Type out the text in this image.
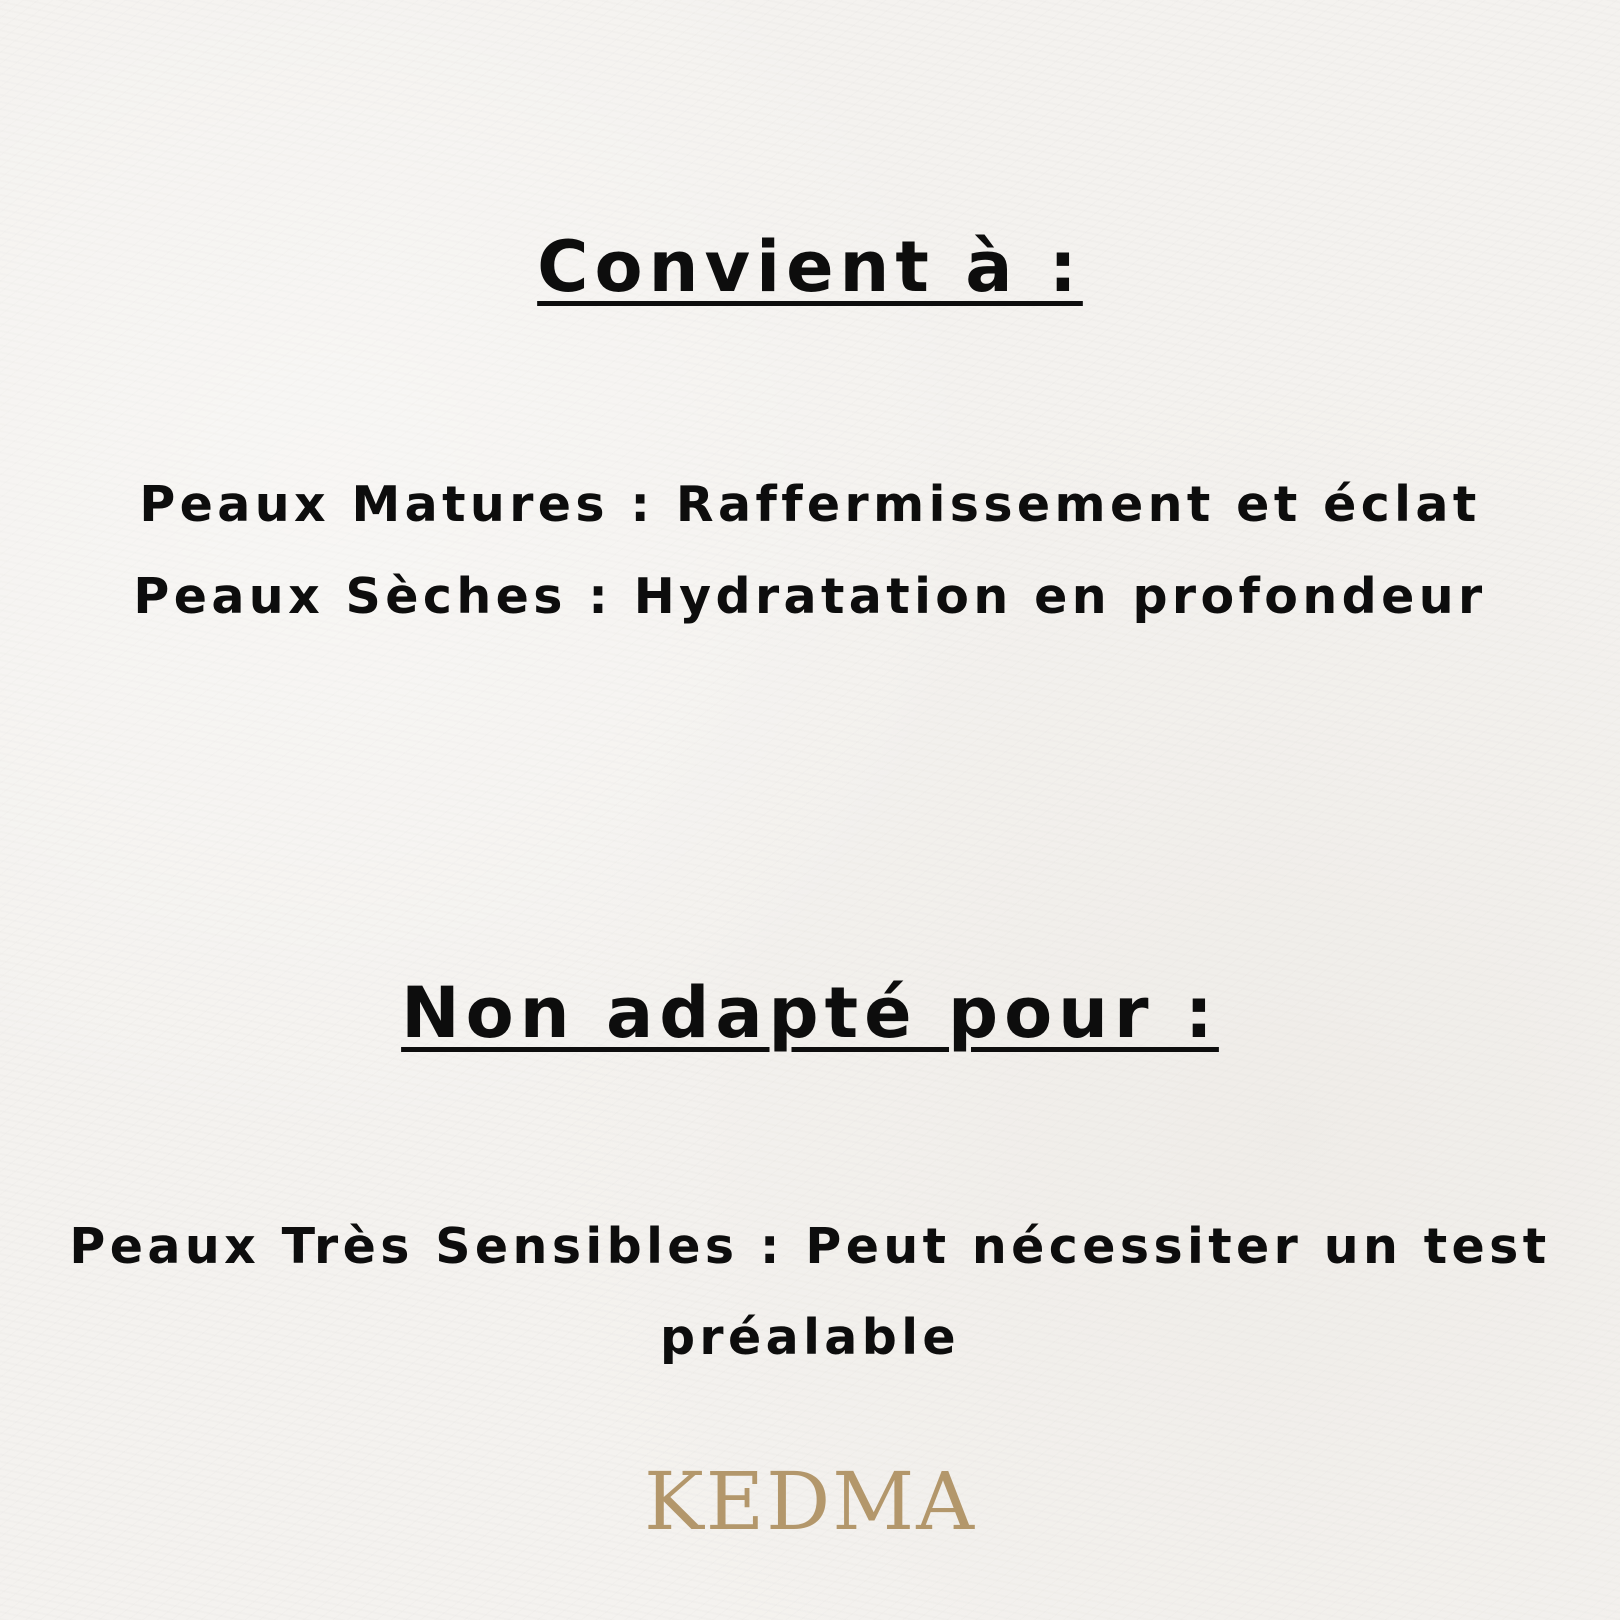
Convient à :

Peaux Matures : Raffermissement et éclat

Peaux Sèches : Hydratation en profondeur

Non adapté pour :

Peaux Très Sensibles : Peut nécessiter un test

préalable

KEDMA
